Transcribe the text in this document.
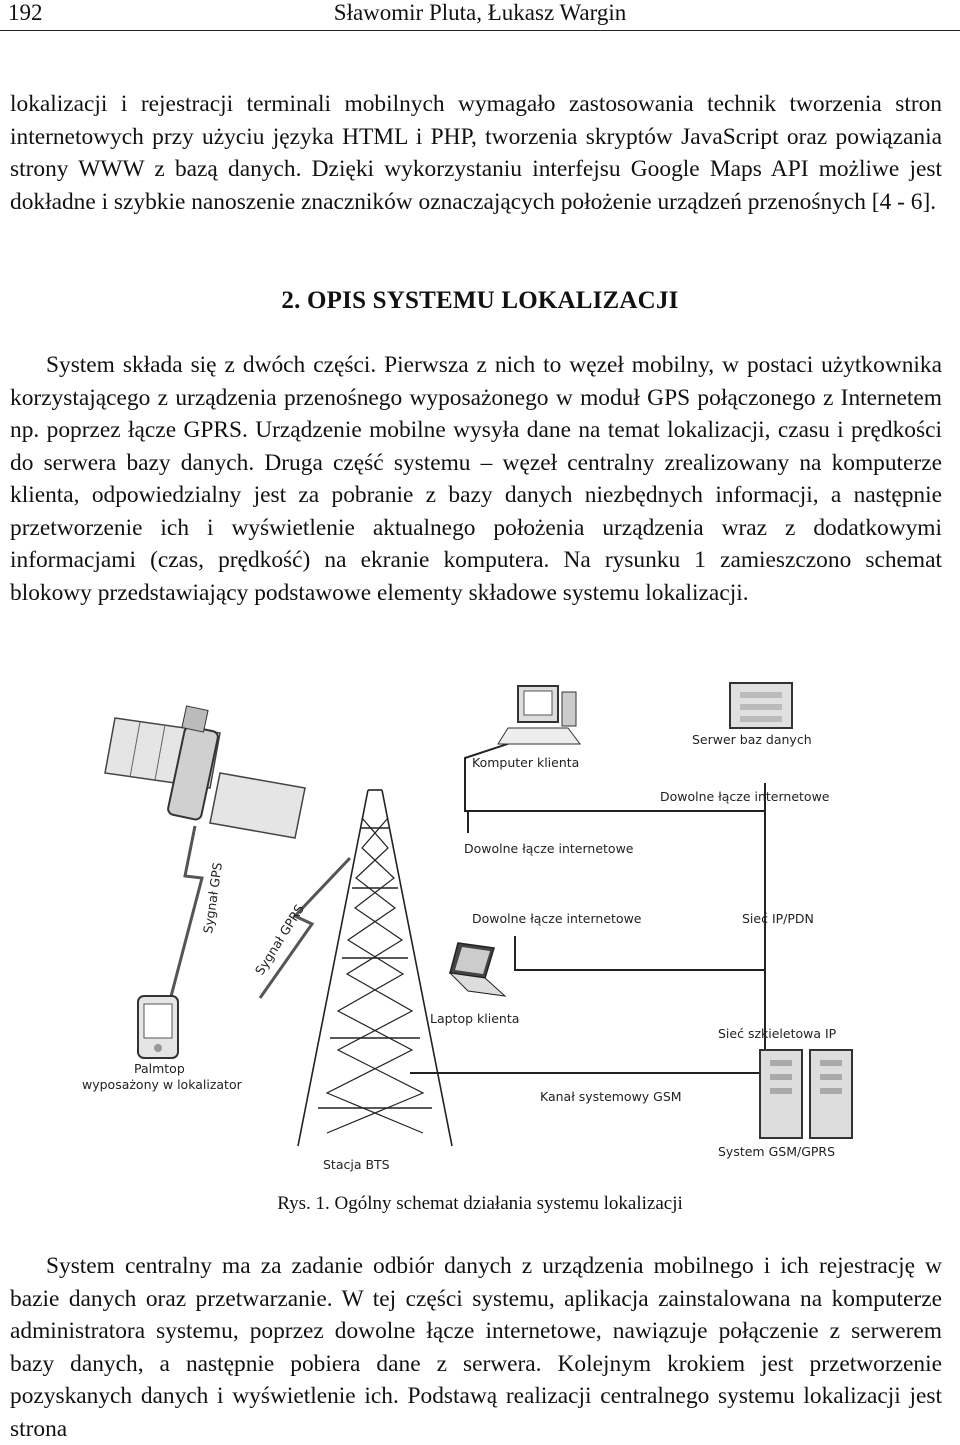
192	Sławomir Pluta, Łukasz Wargin

lokalizacji i rejestracji terminali mobilnych wymagało zastosowania technik tworzenia stron internetowych przy użyciu języka HTML i PHP, tworzenia skryptów JavaScript oraz powiązania strony WWW z bazą danych. Dzięki wykorzystaniu interfejsu Google Maps API możliwe jest dokładne i szybkie nanoszenie znaczników oznaczających położenie urządzeń przenośnych [4 - 6].

2. OPIS SYSTEMU LOKALIZACJI

System składa się z dwóch części. Pierwsza z nich to węzeł mobilny, w postaci użytkownika korzystającego z urządzenia przenośnego wyposażonego w moduł GPS połączonego z Internetem np. poprzez łącze GPRS. Urządzenie mobilne wysyła dane na temat lokalizacji, czasu i prędkości do serwera bazy danych. Druga część systemu – węzeł centralny zrealizowany na komputerze klienta, odpowiedzialny jest za pobranie z bazy danych niezbędnych informacji, a następnie przetworzenie ich i wyświetlenie aktualnego położenia urządzenia wraz z dodatkowymi informacjami (czas, prędkość) na ekranie komputera. Na rysunku 1 zamieszczono schemat blokowy przedstawiający podstawowe elementy składowe systemu lokalizacji.

Komputer klienta
Serwer baz danych
Dowolne łącze internetowe
Dowolne łącze internetowe
Dowolne łącze internetowe	Sieć IP/PDN
Laptop klienta
Sieć szkieletowa IP
Kanał systemowy GSM
Palmtop
wyposażony w lokalizator
Stacja BTS
System GSM/GPRS
Sygnał GPS
Sygnał GPRS
Rys. 1. Ogólny schemat działania systemu lokalizacji

System centralny ma za zadanie odbiór danych z urządzenia mobilnego i ich rejestrację w bazie danych oraz przetwarzanie. W tej części systemu, aplikacja zainstalowana na komputerze administratora systemu, poprzez dowolne łącze internetowe, nawiązuje połączenie z serwerem bazy danych, a następnie pobiera dane z serwera. Kolejnym krokiem jest przetworzenie pozyskanych danych i wyświetlenie ich. Podstawą realizacji centralnego systemu lokalizacji jest strona
